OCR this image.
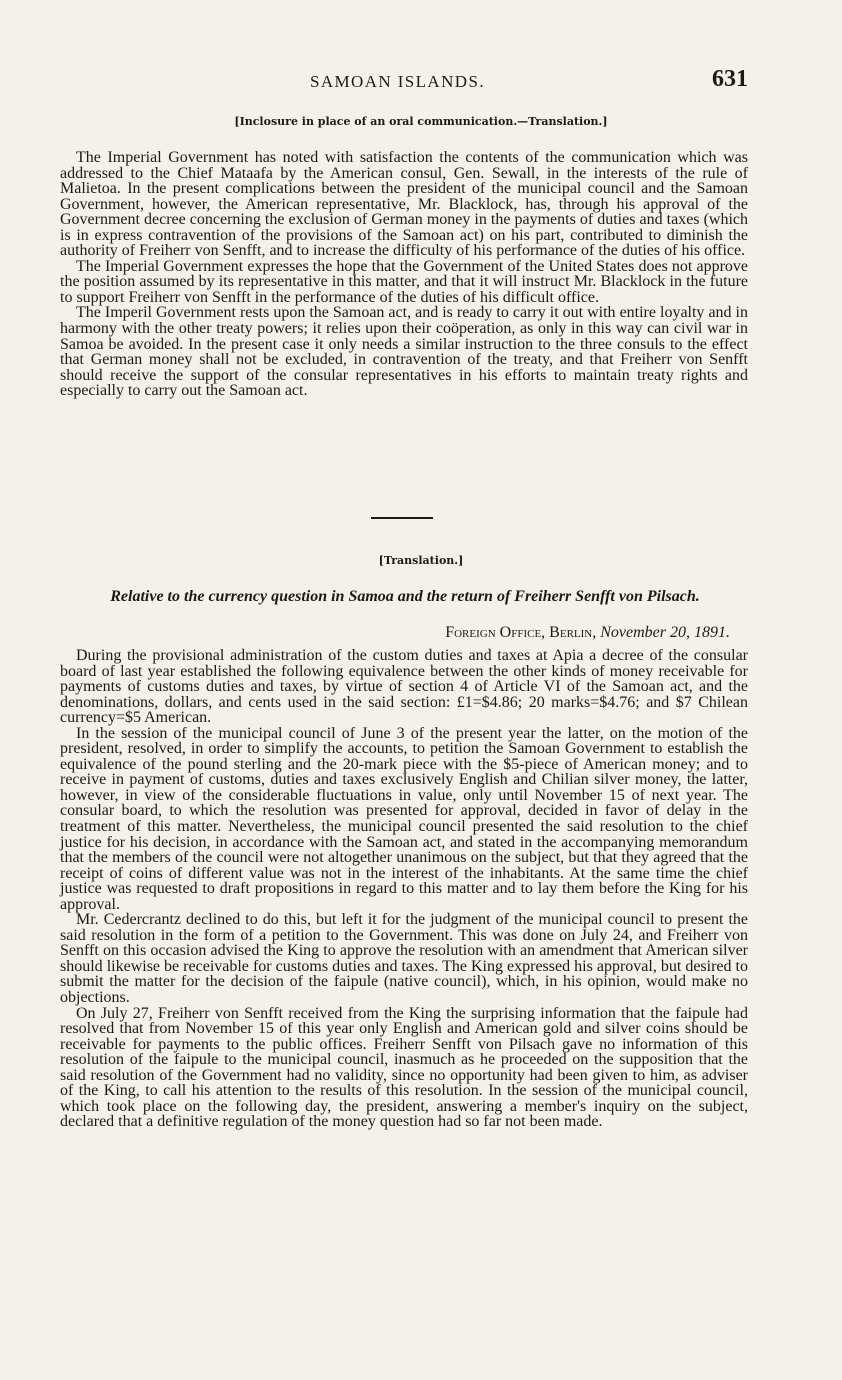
SAMOAN ISLANDS.	631
[Inclosure in place of an oral communication.—Translation.]

The Imperial Government has noted with satisfaction the contents of the communication which was addressed to the Chief Mataafa by the American consul, Gen. Sewall, in the interests of the rule of Malietoa. In the present complications between the president of the municipal council and the Samoan Government, however, the American representative, Mr. Blacklock, has, through his approval of the Government decree concerning the exclusion of German money in the payments of duties and taxes (which is in express contravention of the provisions of the Samoan act) on his part, contributed to diminish the authority of Freiherr von Senfft, and to increase the difficulty of his performance of the duties of his office.

The Imperial Government expresses the hope that the Government of the United States does not approve the position assumed by its representative in this matter, and that it will instruct Mr. Blacklock in the future to support Freiherr von Senfft in the performance of the duties of his difficult office.

The Imperil Government rests upon the Samoan act, and is ready to carry it out with entire loyalty and in harmony with the other treaty powers; it relies upon their coöperation, as only in this way can civil war in Samoa be avoided. In the present case it only needs a similar instruction to the three consuls to the effect that German money shall not be excluded, in contravention of the treaty, and that Freiherr von Senfft should receive the support of the consular representatives in his efforts to maintain treaty rights and especially to carry out the Samoan act.

[Translation.]
Relative to the currency question in Samoa and the return of Freiherr Senfft von Pilsach.
Foreign Office, Berlin, November 20, 1891.

During the provisional administration of the custom duties and taxes at Apia a decree of the consular board of last year established the following equivalence between the other kinds of money receivable for payments of customs duties and taxes, by virtue of section 4 of Article VI of the Samoan act, and the denominations, dollars, and cents used in the said section: £1=$4.86; 20 marks=$4.76; and $7 Chilean currency=$5 American.

In the session of the municipal council of June 3 of the present year the latter, on the motion of the president, resolved, in order to simplify the accounts, to petition the Samoan Government to establish the equivalence of the pound sterling and the 20-mark piece with the $5-piece of American money; and to receive in payment of customs, duties and taxes exclusively English and Chilian silver money, the latter, however, in view of the considerable fluctuations in value, only until November 15 of next year. The consular board, to which the resolution was presented for approval, decided in favor of delay in the treatment of this matter. Nevertheless, the municipal council presented the said resolution to the chief justice for his decision, in accordance with the Samoan act, and stated in the accompanying memorandum that the members of the council were not altogether unanimous on the subject, but that they agreed that the receipt of coins of different value was not in the interest of the inhabitants. At the same time the chief justice was requested to draft propositions in regard to this matter and to lay them before the King for his approval.

Mr. Cedercrantz declined to do this, but left it for the judgment of the municipal council to present the said resolution in the form of a petition to the Government. This was done on July 24, and Freiherr von Senfft on this occasion advised the King to approve the resolution with an amendment that American silver should likewise be receivable for customs duties and taxes. The King expressed his approval, but desired to submit the matter for the decision of the faipule (native council), which, in his opinion, would make no objections.

On July 27, Freiherr von Senfft received from the King the surprising information that the faipule had resolved that from November 15 of this year only English and American gold and silver coins should be receivable for payments to the public offices. Freiherr Senfft von Pilsach gave no information of this resolution of the faipule to the municipal council, inasmuch as he proceeded on the supposition that the said resolution of the Government had no validity, since no opportunity had been given to him, as adviser of the King, to call his attention to the results of this resolution. In the session of the municipal council, which took place on the following day, the president, answering a member's inquiry on the subject, declared that a definitive regulation of the money question had so far not been made.
